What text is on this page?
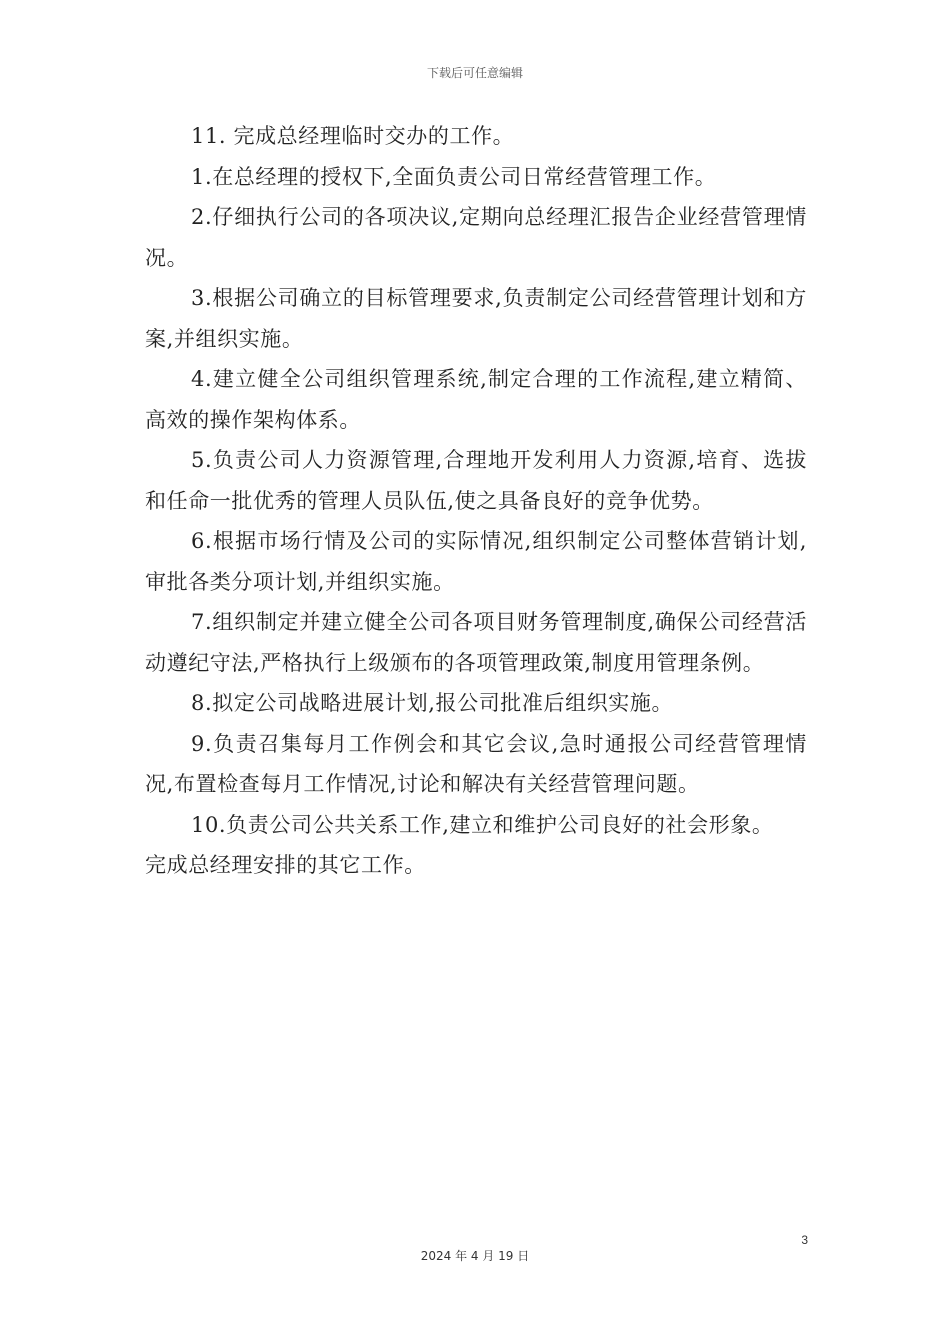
下载后可任意编辑

11. 完成总经理临时交办的工作。

1.在总经理的授权下,全面负责公司日常经营管理工作。

2.仔细执行公司的各项决议,定期向总经理汇报告企业经营管理情况。

3.根据公司确立的目标管理要求,负责制定公司经营管理计划和方案,并组织实施。

4.建立健全公司组织管理系统,制定合理的工作流程,建立精简、高效的操作架构体系。

5.负责公司人力资源管理,合理地开发利用人力资源,培育、选拔和任命一批优秀的管理人员队伍,使之具备良好的竞争优势。

6.根据市场行情及公司的实际情况,组织制定公司整体营销计划,审批各类分项计划,并组织实施。

7.组织制定并建立健全公司各项目财务管理制度,确保公司经营活动遵纪守法,严格执行上级颁布的各项管理政策,制度用管理条例。

8.拟定公司战略进展计划,报公司批准后组织实施。

9.负责召集每月工作例会和其它会议,急时通报公司经营管理情况,布置检查每月工作情况,讨论和解决有关经营管理问题。

10.负责公司公共关系工作,建立和维护公司良好的社会形象。

完成总经理安排的其它工作。

3
2024 年 4 月 19 日
